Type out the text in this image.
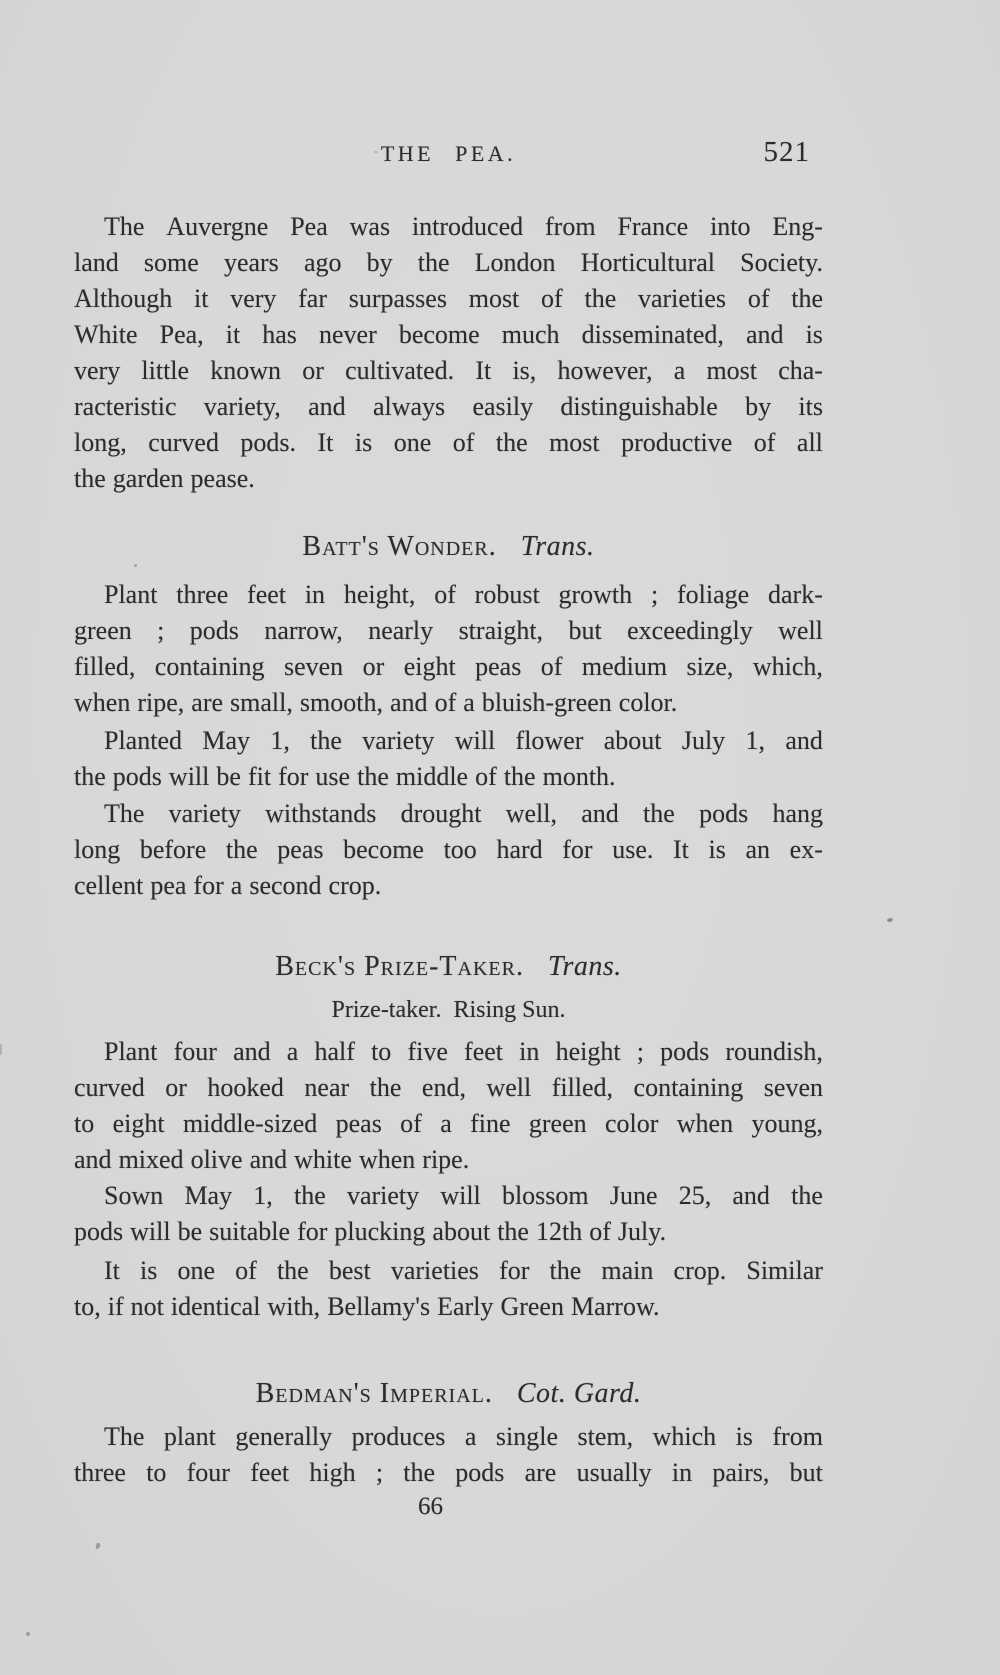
THE PEA.	521
The Auvergne Pea was introduced from France into Eng-
land some years ago by the London Horticultural Society.
Although it very far surpasses most of the varieties of the
White Pea, it has never become much disseminated, and is
very little known or cultivated. It is, however, a most cha-
racteristic variety, and always easily distinguishable by its
long, curved pods. It is one of the most productive of all
the garden pease.
Batt's Wonder. Trans.
Plant three feet in height, of robust growth ; foliage dark-
green ; pods narrow, nearly straight, but exceedingly well
filled, containing seven or eight peas of medium size, which,
when ripe, are small, smooth, and of a bluish-green color.
Planted May 1, the variety will flower about July 1, and
the pods will be fit for use the middle of the month.
The variety withstands drought well, and the pods hang
long before the peas become too hard for use. It is an ex-
cellent pea for a second crop.
Beck's Prize-Taker. Trans.
Prize-taker.  Rising Sun.
Plant four and a half to five feet in height ; pods roundish,
curved or hooked near the end, well filled, containing seven
to eight middle-sized peas of a fine green color when young,
and mixed olive and white when ripe.
Sown May 1, the variety will blossom June 25, and the
pods will be suitable for plucking about the 12th of July.
It is one of the best varieties for the main crop. Similar
to, if not identical with, Bellamy's Early Green Marrow.
Bedman's Imperial. Cot. Gard.
The plant generally produces a single stem, which is from
three to four feet high ; the pods are usually in pairs, but
66
